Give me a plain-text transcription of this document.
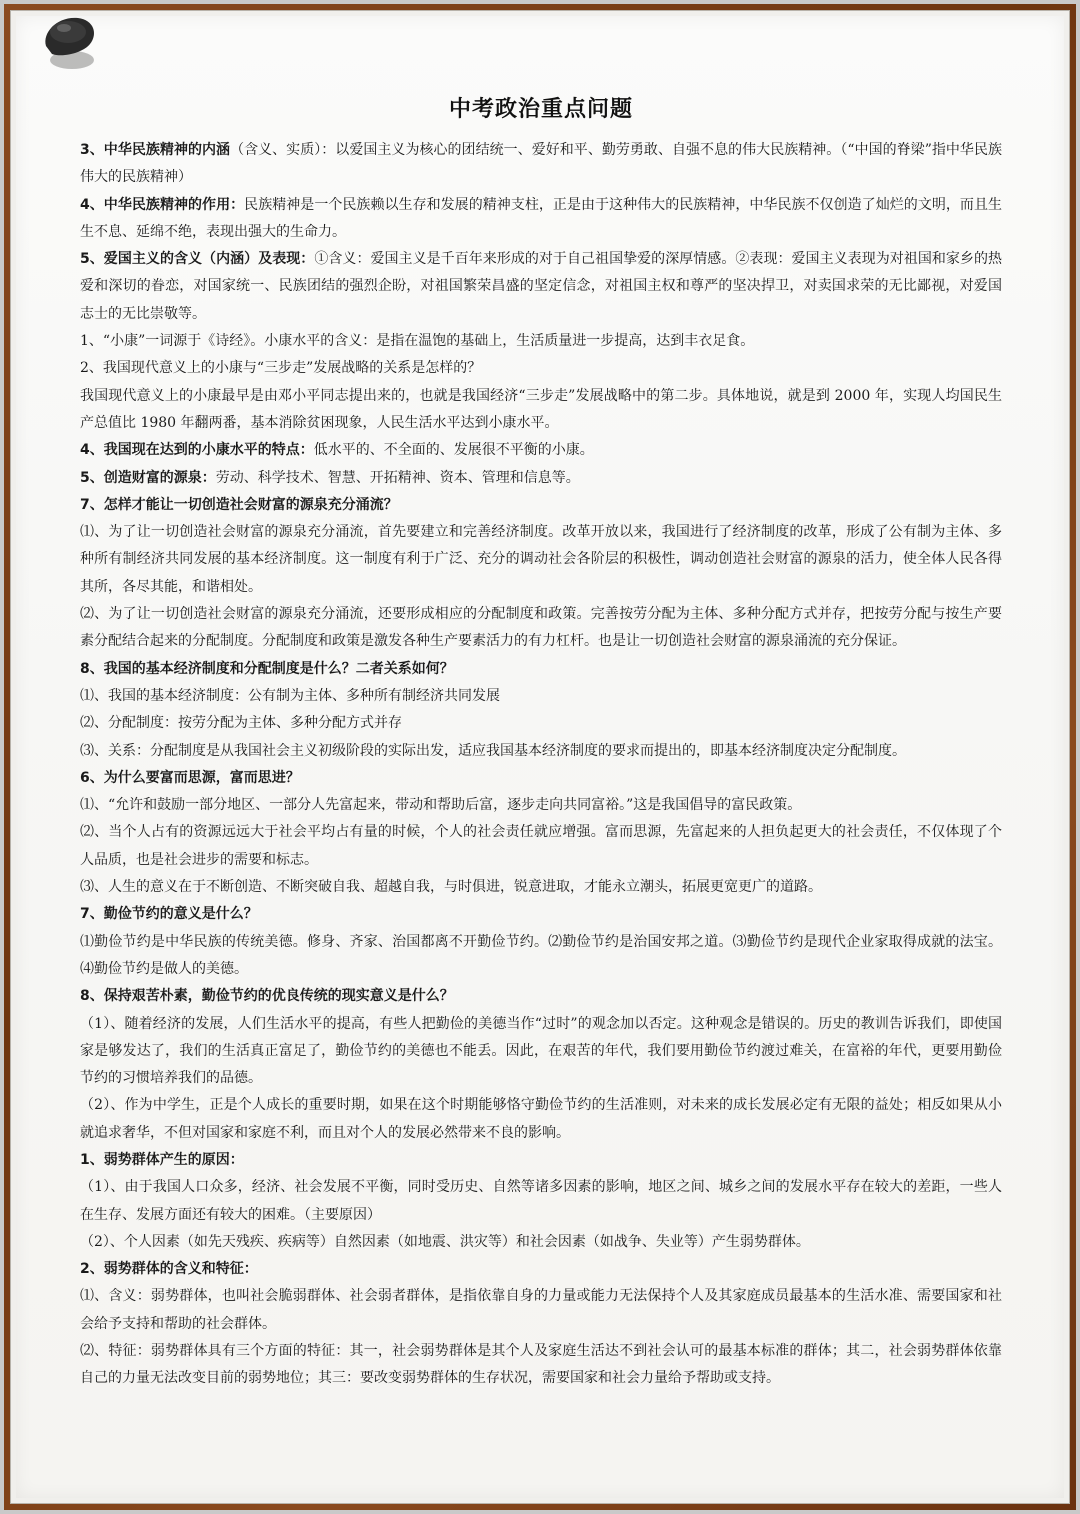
中考政治重点问题

3、中华民族精神的内涵（含义、实质）：以爱国主义为核心的团结统一、爱好和平、勤劳勇敢、自强不息的伟大民族精神。（“中国的脊梁”指中华民族伟大的民族精神）

4、中华民族精神的作用：民族精神是一个民族赖以生存和发展的精神支柱，正是由于这种伟大的民族精神，中华民族不仅创造了灿烂的文明，而且生生不息、延绵不绝，表现出强大的生命力。

5、爱国主义的含义（内涵）及表现：①含义：爱国主义是千百年来形成的对于自己祖国挚爱的深厚情感。②表现：爱国主义表现为对祖国和家乡的热爱和深切的眷恋，对国家统一、民族团结的强烈企盼，对祖国繁荣昌盛的坚定信念，对祖国主权和尊严的坚决捍卫，对卖国求荣的无比鄙视，对爱国志士的无比崇敬等。

1、“小康”一词源于《诗经》。小康水平的含义：是指在温饱的基础上，生活质量进一步提高，达到丰衣足食。

2、我国现代意义上的小康与“三步走”发展战略的关系是怎样的？

我国现代意义上的小康最早是由邓小平同志提出来的，也就是我国经济“三步走”发展战略中的第二步。具体地说，就是到 2000 年，实现人均国民生产总值比 1980 年翻两番，基本消除贫困现象，人民生活水平达到小康水平。

4、我国现在达到的小康水平的特点：低水平的、不全面的、发展很不平衡的小康。

5、创造财富的源泉：劳动、科学技术、智慧、开拓精神、资本、管理和信息等。

7、怎样才能让一切创造社会财富的源泉充分涌流？

⑴、为了让一切创造社会财富的源泉充分涌流，首先要建立和完善经济制度。改革开放以来，我国进行了经济制度的改革，形成了公有制为主体、多种所有制经济共同发展的基本经济制度。这一制度有利于广泛、充分的调动社会各阶层的积极性，调动创造社会财富的源泉的活力，使全体人民各得其所，各尽其能，和谐相处。

⑵、为了让一切创造社会财富的源泉充分涌流，还要形成相应的分配制度和政策。完善按劳分配为主体、多种分配方式并存，把按劳分配与按生产要素分配结合起来的分配制度。分配制度和政策是激发各种生产要素活力的有力杠杆。也是让一切创造社会财富的源泉涌流的充分保证。

8、我国的基本经济制度和分配制度是什么？二者关系如何？

⑴、我国的基本经济制度：公有制为主体、多种所有制经济共同发展

⑵、分配制度：按劳分配为主体、多种分配方式并存

⑶、关系：分配制度是从我国社会主义初级阶段的实际出发，适应我国基本经济制度的要求而提出的，即基本经济制度决定分配制度。

6、为什么要富而思源，富而思进？

⑴、“允许和鼓励一部分地区、一部分人先富起来，带动和帮助后富，逐步走向共同富裕。”这是我国倡导的富民政策。

⑵、当个人占有的资源远远大于社会平均占有量的时候，个人的社会责任就应增强。富而思源，先富起来的人担负起更大的社会责任，不仅体现了个人品质，也是社会进步的需要和标志。

⑶、人生的意义在于不断创造、不断突破自我、超越自我，与时俱进，锐意进取，才能永立潮头，拓展更宽更广的道路。

7、勤俭节约的意义是什么？

⑴勤俭节约是中华民族的传统美德。修身、齐家、治国都离不开勤俭节约。⑵勤俭节约是治国安邦之道。⑶勤俭节约是现代企业家取得成就的法宝。⑷勤俭节约是做人的美德。

8、保持艰苦朴素，勤俭节约的优良传统的现实意义是什么？

（1）、随着经济的发展，人们生活水平的提高，有些人把勤俭的美德当作“过时”的观念加以否定。这种观念是错误的。历史的教训告诉我们，即使国家是够发达了，我们的生活真正富足了，勤俭节约的美德也不能丢。因此，在艰苦的年代，我们要用勤俭节约渡过难关，在富裕的年代，更要用勤俭节约的习惯培养我们的品德。

（2）、作为中学生，正是个人成长的重要时期，如果在这个时期能够恪守勤俭节约的生活准则，对未来的成长发展必定有无限的益处；相反如果从小就追求奢华，不但对国家和家庭不利，而且对个人的发展必然带来不良的影响。

1、弱势群体产生的原因：

（1）、由于我国人口众多，经济、社会发展不平衡，同时受历史、自然等诸多因素的影响，地区之间、城乡之间的发展水平存在较大的差距，一些人在生存、发展方面还有较大的困难。（主要原因）

（2）、个人因素（如先天残疾、疾病等）自然因素（如地震、洪灾等）和社会因素（如战争、失业等）产生弱势群体。

2、弱势群体的含义和特征：

⑴、含义：弱势群体，也叫社会脆弱群体、社会弱者群体，是指依靠自身的力量或能力无法保持个人及其家庭成员最基本的生活水准、需要国家和社会给予支持和帮助的社会群体。

⑵、特征：弱势群体具有三个方面的特征：其一，社会弱势群体是其个人及家庭生活达不到社会认可的最基本标准的群体；其二，社会弱势群体依靠自己的力量无法改变目前的弱势地位；其三：要改变弱势群体的生存状况，需要国家和社会力量给予帮助或支持。
